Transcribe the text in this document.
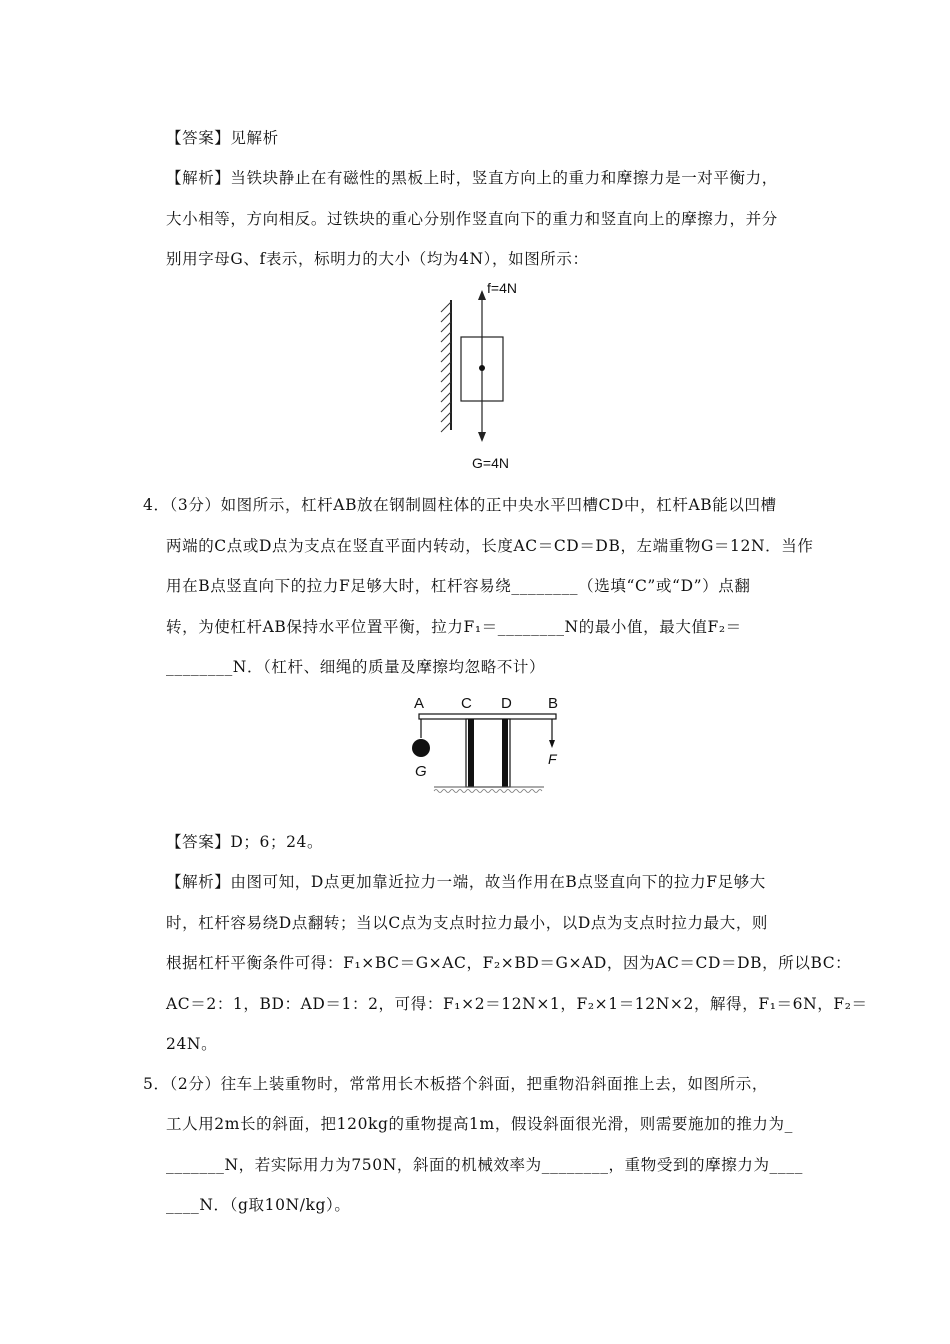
【答案】见解析
【解析】当铁块静止在有磁性的黑板上时，竖直方向上的重力和摩擦力是一对平衡力，
大小相等，方向相反。过铁块的重心分别作竖直向下的重力和竖直向上的摩擦力，并分
别用字母G、f表示，标明力的大小（均为4N），如图所示：
f=4N
G=4N
4．（3分）如图所示，杠杆AB放在钢制圆柱体的正中央水平凹槽CD中，杠杆AB能以凹槽
两端的C点或D点为支点在竖直平面内转动，长度AC＝CD＝DB，左端重物G＝12N．当作
用在B点竖直向下的拉力F足够大时，杠杆容易绕________（选填“C”或“D”）点翻
转，为使杠杆AB保持水平位置平衡，拉力F₁＝________N的最小值，最大值F₂＝
________N．（杠杆、细绳的质量及摩擦均忽略不计）
A C D B
G
F
【答案】D；6；24。
【解析】由图可知，D点更加靠近拉力一端，故当作用在B点竖直向下的拉力F足够大
时，杠杆容易绕D点翻转；当以C点为支点时拉力最小，以D点为支点时拉力最大，则
根据杠杆平衡条件可得：F₁×BC＝G×AC，F₂×BD＝G×AD，因为AC＝CD＝DB，所以BC：
AC＝2：1，BD：AD＝1：2，可得：F₁×2＝12N×1，F₂×1＝12N×2，解得，F₁＝6N，F₂＝
24N。
5．（2分）往车上装重物时，常常用长木板搭个斜面，把重物沿斜面推上去，如图所示，
工人用2m长的斜面，把120kg的重物提高1m，假设斜面很光滑，则需要施加的推力为_
_______N，若实际用力为750N，斜面的机械效率为________，重物受到的摩擦力为____
____N．（g取10N/kg）。
